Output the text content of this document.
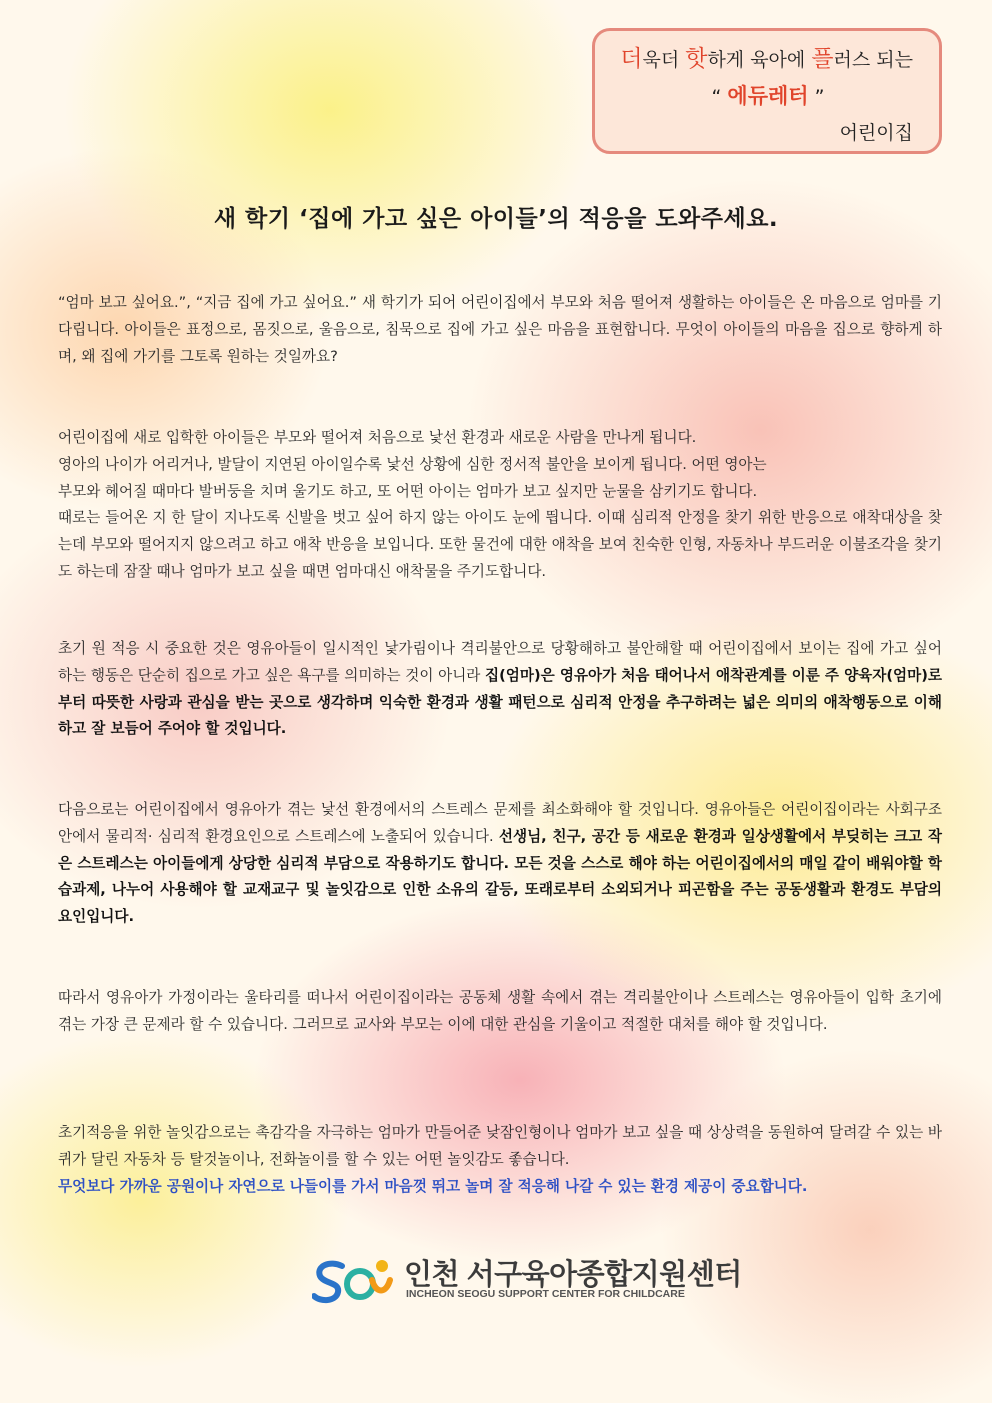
더욱더 핫하게 육아에 플러스 되는
“ 에듀레터 ”
어린이집
새 학기 ‘집에 가고 싶은 아이들’의 적응을 도와주세요.
“엄마 보고 싶어요.”, “지금 집에 가고 싶어요.” 새 학기가 되어 어린이집에서 부모와 처음 떨어져 생활하는 아이들은 온 마음으로 엄마를 기다립니다. 아이들은 표정으로, 몸짓으로, 울음으로, 침묵으로 집에 가고 싶은 마음을 표현합니다. 무엇이 아이들의 마음을 집으로 향하게 하며, 왜 집에 가기를 그토록 원하는 것일까요?
어린이집에 새로 입학한 아이들은 부모와 떨어져 처음으로 낯선 환경과 새로운 사람을 만나게 됩니다.
영아의 나이가 어리거나, 발달이 지연된 아이일수록 낯선 상황에 심한 정서적 불안을 보이게 됩니다. 어떤 영아는
부모와 헤어질 때마다 발버둥을 치며 울기도 하고, 또 어떤 아이는 엄마가 보고 싶지만 눈물을 삼키기도 합니다.
때로는 들어온 지 한 달이 지나도록 신발을 벗고 싶어 하지 않는 아이도 눈에 띕니다. 이때 심리적 안정을 찾기 위한 반응으로 애착대상을 찾는데 부모와 떨어지지 않으려고 하고 애착 반응을 보입니다. 또한 물건에 대한 애착을 보여 친숙한 인형, 자동차나 부드러운 이불조각을 찾기도 하는데 잠잘 때나 엄마가 보고 싶을 때면 엄마대신 애착물을 주기도합니다.
초기 원 적응 시 중요한 것은 영유아들이 일시적인 낯가림이나 격리불안으로 당황해하고 불안해할 때 어린이집에서 보이는 집에 가고 싶어 하는 행동은 단순히 집으로 가고 싶은 욕구를 의미하는 것이 아니라 집(엄마)은 영유아가 처음 태어나서 애착관계를 이룬 주 양육자(엄마)로부터 따뜻한 사랑과 관심을 받는 곳으로 생각하며 익숙한 환경과 생활 패턴으로 심리적 안정을 추구하려는 넓은 의미의 애착행동으로 이해하고 잘 보듬어 주어야 할 것입니다.
다음으로는 어린이집에서 영유아가 겪는 낯선 환경에서의 스트레스 문제를 최소화해야 할 것입니다. 영유아들은 어린이집이라는 사회구조 안에서 물리적· 심리적 환경요인으로 스트레스에 노출되어 있습니다. 선생님, 친구, 공간 등 새로운 환경과 일상생활에서 부딪히는 크고 작은 스트레스는 아이들에게 상당한 심리적 부담으로 작용하기도 합니다. 모든 것을 스스로 해야 하는 어린이집에서의 매일 같이 배워야할 학습과제, 나누어 사용해야 할 교재교구 및 놀잇감으로 인한 소유의 갈등, 또래로부터 소외되거나 피곤함을 주는 공동생활과 환경도 부담의 요인입니다.
따라서 영유아가 가정이라는 울타리를 떠나서 어린이집이라는 공동체 생활 속에서 겪는 격리불안이나 스트레스는 영유아들이 입학 초기에 겪는 가장 큰 문제라 할 수 있습니다. 그러므로 교사와 부모는 이에 대한 관심을 기울이고 적절한 대처를 해야 할 것입니다.
초기적응을 위한 놀잇감으로는 촉감각을 자극하는 엄마가 만들어준 낮잠인형이나 엄마가 보고 싶을 때 상상력을 동원하여 달려갈 수 있는 바퀴가 달린 자동차 등 탈것놀이나, 전화놀이를 할 수 있는 어떤 놀잇감도 좋습니다.
무엇보다 가까운 공원이나 자연으로 나들이를 가서 마음껏 뛰고 놀며 잘 적응해 나갈 수 있는 환경 제공이 중요합니다.
인천 서구육아종합지원센터
INCHEON SEOGU SUPPORT CENTER FOR CHILDCARE
